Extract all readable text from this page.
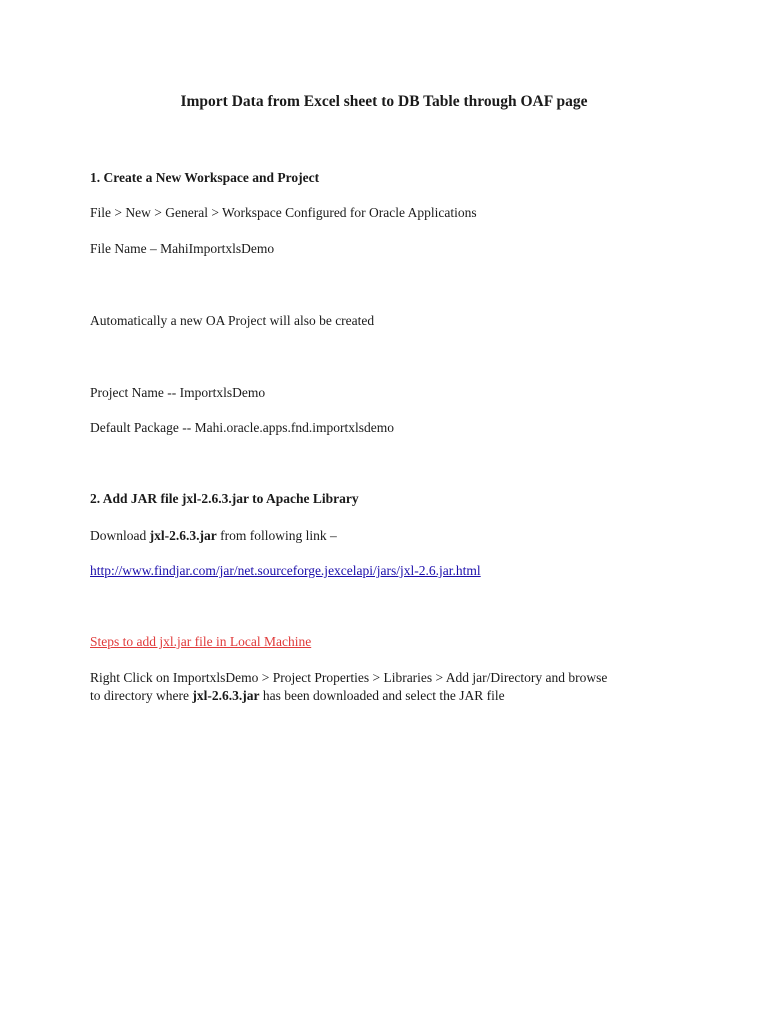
Import Data from Excel sheet to DB Table through OAF page
1. Create a New Workspace and Project
File > New > General > Workspace Configured for Oracle Applications
File Name – MahiImportxlsDemo
Automatically a new OA Project will also be created
Project Name -- ImportxlsDemo
Default Package -- Mahi.oracle.apps.fnd.importxlsdemo
2. Add JAR file jxl-2.6.3.jar to Apache Library
Download jxl-2.6.3.jar from following link –
http://www.findjar.com/jar/net.sourceforge.jexcelapi/jars/jxl-2.6.jar.html
Steps to add jxl.jar file in Local Machine
Right Click on ImportxlsDemo > Project Properties > Libraries > Add jar/Directory and browse
to directory where jxl-2.6.3.jar has been downloaded and select the JAR file
